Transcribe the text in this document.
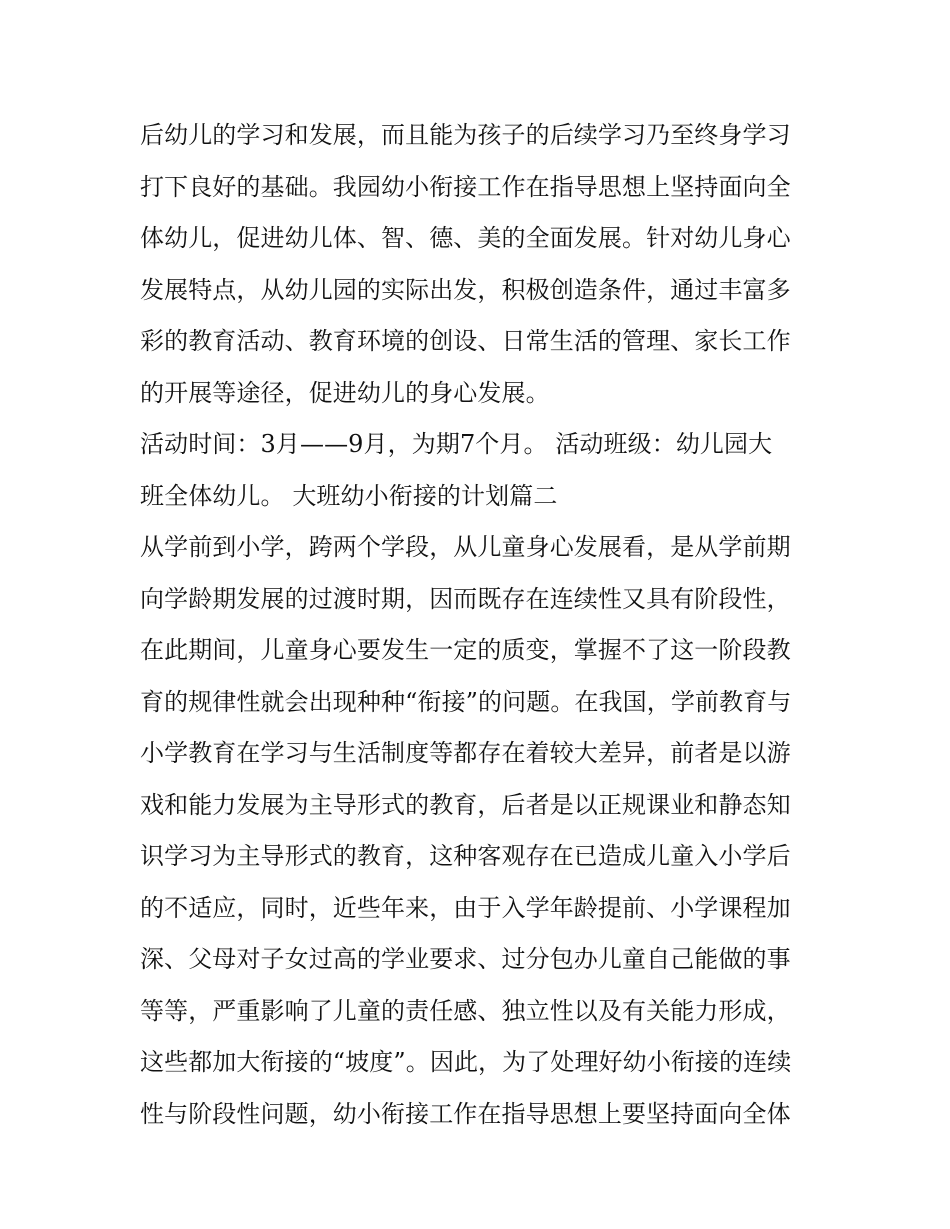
后幼儿的学习和发展，而且能为孩子的后续学习乃至终身学习
打下良好的基础。我园幼小衔接工作在指导思想上坚持面向全
体幼儿，促进幼儿体、智、德、美的全面发展。针对幼儿身心
发展特点，从幼儿园的实际出发，积极创造条件，通过丰富多
彩的教育活动、教育环境的创设、日常生活的管理、家长工作
的开展等途径，促进幼儿的身心发展。
活动时间：3月——9月，为期7个月。 活动班级：幼儿园大
班全体幼儿。 大班幼小衔接的计划篇二
从学前到小学，跨两个学段，从儿童身心发展看，是从学前期
向学龄期发展的过渡时期，因而既存在连续性又具有阶段性，
在此期间，儿童身心要发生一定的质变，掌握不了这一阶段教
育的规律性就会出现种种“衔接”的问题。在我国，学前教育与
小学教育在学习与生活制度等都存在着较大差异，前者是以游
戏和能力发展为主导形式的教育，后者是以正规课业和静态知
识学习为主导形式的教育，这种客观存在已造成儿童入小学后
的不适应，同时，近些年来，由于入学年龄提前、小学课程加
深、父母对子女过高的学业要求、过分包办儿童自己能做的事
等等，严重影响了儿童的责任感、独立性以及有关能力形成，
这些都加大衔接的“坡度”。因此，为了处理好幼小衔接的连续
性与阶段性问题，幼小衔接工作在指导思想上要坚持面向全体
